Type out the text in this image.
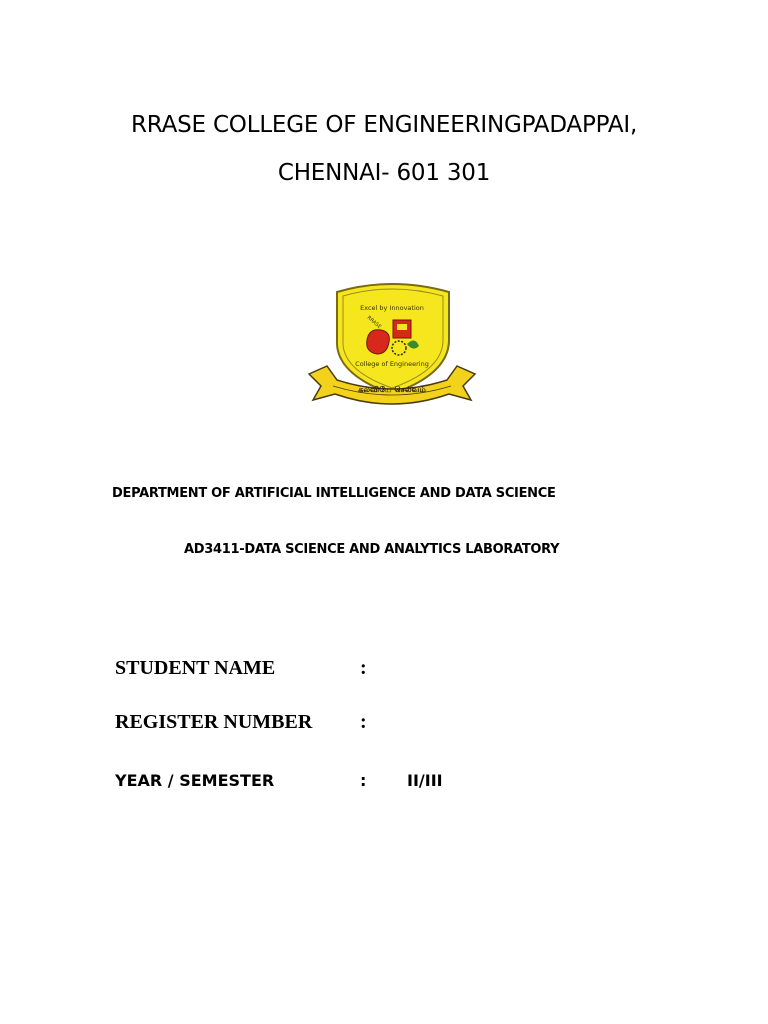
RRASE COLLEGE OF ENGINEERINGPADAPPAI,
CHENNAI- 601 301
Excel by Innovation
RRASE
College of Engineering
கல்வியே செல்வம்

DEPARTMENT OF ARTIFICIAL INTELLIGENCE AND DATA SCIENCE

AD3411-DATA SCIENCE AND ANALYTICS LABORATORY

STUDENT NAME	:
REGISTER NUMBER :
YEAR / SEMESTER	:	II/III
